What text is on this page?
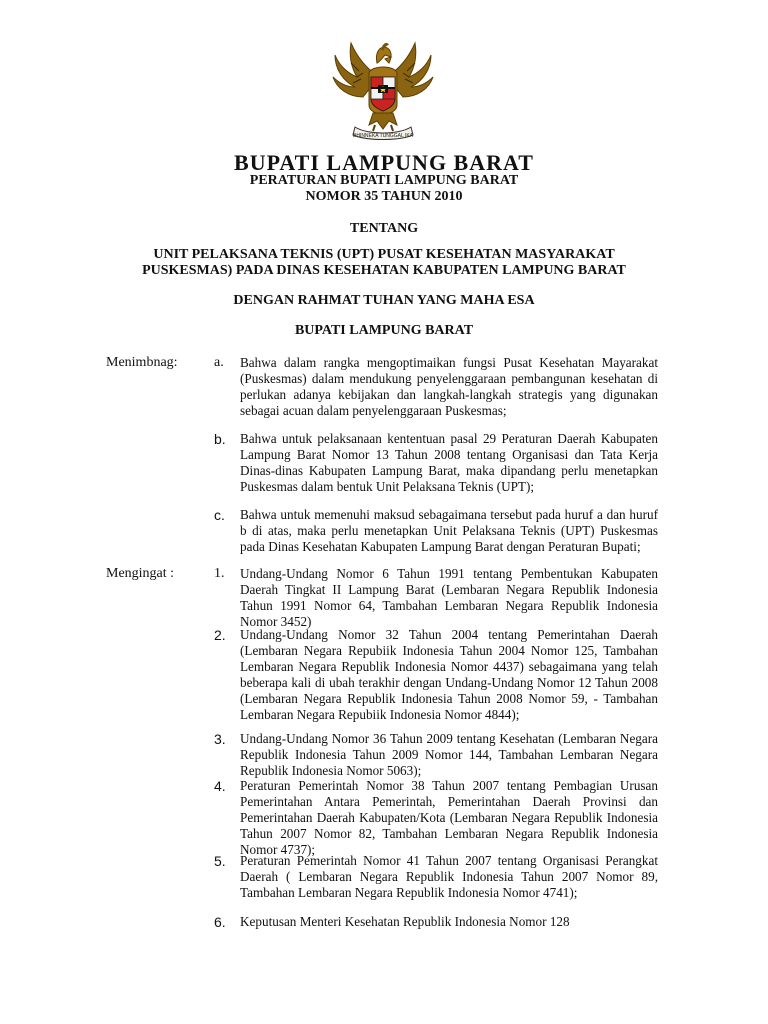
BHINNEKA TUNGGAL IKA

BUPATI LAMPUNG BARAT

PERATURAN BUPATI LAMPUNG BARAT

NOMOR 35 TAHUN 2010

TENTANG

UNIT PELAKSANA TEKNIS (UPT) PUSAT KESEHATAN MASYARAKAT

PUSKESMAS) PADA DINAS KESEHATAN KABUPATEN LAMPUNG BARAT

DENGAN RAHMAT TUHAN YANG MAHA ESA

BUPATI LAMPUNG BARAT

Menimbnag:	a.	Bahwa dalam rangka mengoptimaikan fungsi Pusat Kesehatan Mayarakat (Puskesmas) dalam mendukung penyelenggaraan pembangunan kesehatan di perlukan adanya kebijakan dan langkah-langkah strategis yang digunakan sebagai acuan dalam penyelenggaraan Puskesmas;

b.	Bahwa untuk pelaksanaan kententuan pasal 29 Peraturan Daerah Kabupaten Lampung Barat Nomor 13 Tahun 2008 tentang Organisasi dan Tata Kerja Dinas-dinas Kabupaten Lampung Barat, maka dipandang perlu menetapkan Puskesmas dalam bentuk Unit Pelaksana Teknis (UPT);

c.	Bahwa untuk memenuhi maksud sebagaimana tersebut pada huruf a dan huruf b di atas, maka perlu menetapkan Unit Pelaksana Teknis (UPT) Puskesmas pada Dinas Kesehatan Kabupaten Lampung Barat dengan Peraturan Bupati;

Mengingat :	1.	Undang-Undang Nomor 6 Tahun 1991 tentang Pembentukan Kabupaten Daerah Tingkat II Lampung Barat (Lembaran Negara Republik Indonesia Tahun 1991 Nomor 64, Tambahan Lembaran Negara Republik Indonesia Nomor 3452)

2.	Undang-Undang Nomor 32 Tahun 2004 tentang Pemerintahan Daerah (Lembaran Negara Repubiik Indonesia Tahun 2004 Nomor 125, Tambahan Lembaran Negara Republik Indonesia Nomor 4437) sebagaimana yang telah beberapa kali di ubah terakhir dengan Undang-Undang Nomor 12 Tahun 2008 (Lembaran Negara Republik Indonesia Tahun 2008 Nomor 59, - Tambahan Lembaran Negara Repubiik Indonesia Nomor 4844);

3.	Undang-Undang Nomor 36 Tahun 2009 tentang Kesehatan (Lembaran Negara Republik Indonesia Tahun 2009 Nomor 144, Tambahan Lembaran Negara Republik Indonesia Nomor 5063);

4.	Peraturan Pemerintah Nomor 38 Tahun 2007 tentang Pembagian Urusan Pemerintahan Antara Pemerintah, Pemerintahan Daerah Provinsi dan Pemerintahan Daerah Kabupaten/Kota (Lembaran Negara Republik Indonesia Tahun 2007 Nomor 82, Tambahan Lembaran Negara Republik Indonesia Nomor 4737);

5.	Peraturan Pemerintah Nomor 41 Tahun 2007 tentang Organisasi Perangkat Daerah ( Lembaran Negara Republik Indonesia Tahun 2007 Nomor 89, Tambahan Lembaran Negara Republik Indonesia Nomor 4741);

6.	Keputusan Menteri Kesehatan Republik Indonesia Nomor 128
